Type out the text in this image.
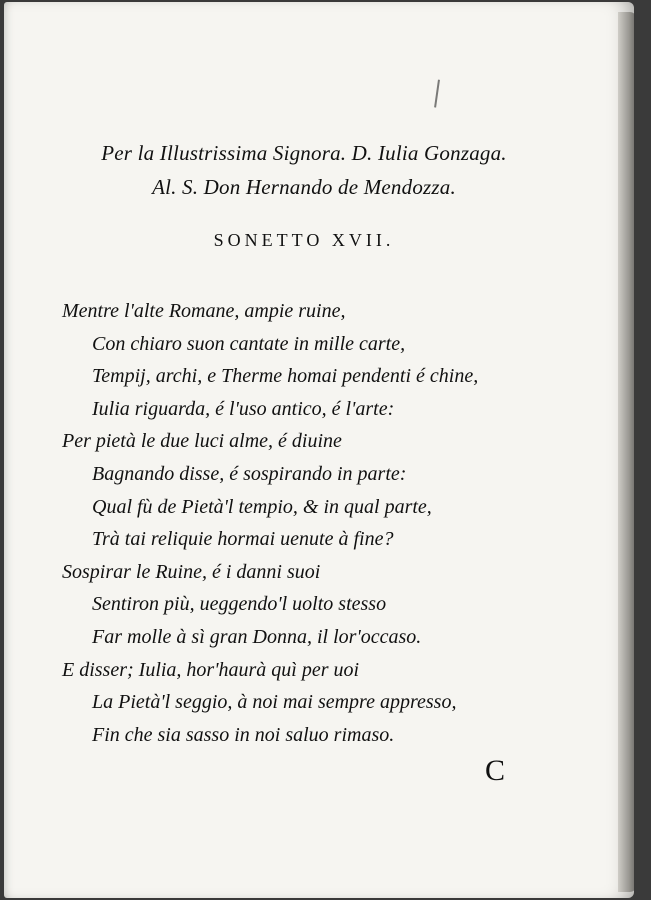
Per la Illustrissima Signora. D. Iulia Gonzaga.
Al. S. Don Hernando de Mendozza.
SONETTO XVII.
Mentre l'alte Romane, ampie ruine,
Con chiaro suon cantate in mille carte,
Tempij, archi, e Therme homai pendenti é chine,
Iulia riguarda, é l'uso antico, é l'arte:
Per pietà le due luci alme, é diuine
Bagnando disse, é sospirando in parte:
Qual fù de Pietà'l tempio, & in qual parte,
Trà tai reliquie hormai uenute à fine?
Sospirar le Ruine, é i danni suoi
Sentiron più, ueggendo'l uolto stesso
Far molle à sì gran Donna, il lor'occaso.
E disser; Iulia, hor'haurà quì per uoi
La Pietà'l seggio, à noi mai sempre appresso,
Fin che sia sasso in noi saluo rimaso.
C
